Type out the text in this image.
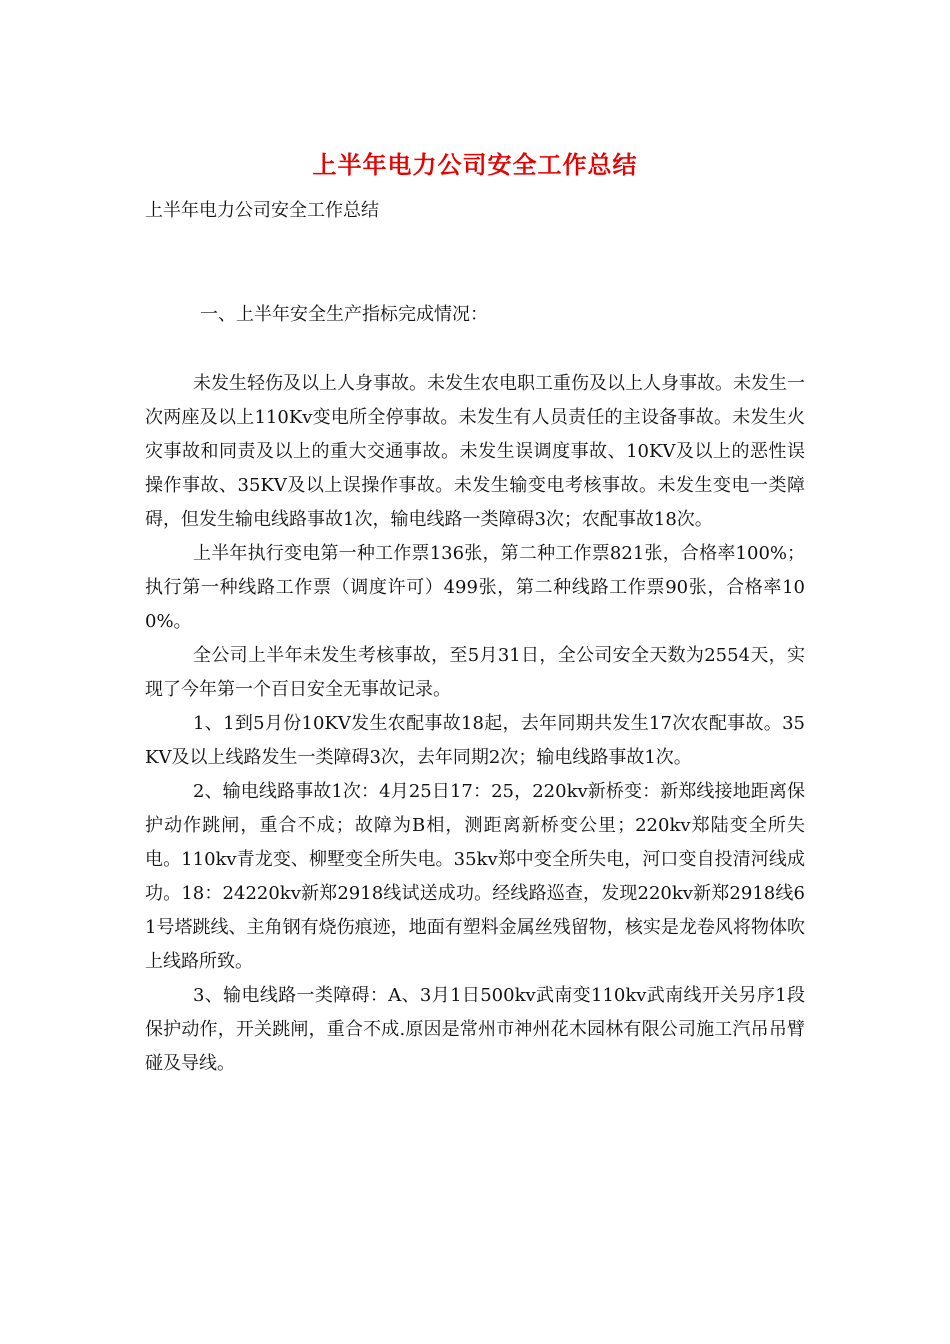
上半年电力公司安全工作总结
上半年电力公司安全工作总结
一、上半年安全生产指标完成情况：

未发生轻伤及以上人身事故。未发生农电职工重伤及以上人身事故。未发生一次两座及以上110Kv变电所全停事故。未发生有人员责任的主设备事故。未发生火灾事故和同责及以上的重大交通事故。未发生误调度事故、10KV及以上的恶性误操作事故、35KV及以上误操作事故。未发生输变电考核事故。未发生变电一类障碍，但发生输电线路事故1次，输电线路一类障碍3次；农配事故18次。

上半年执行变电第一种工作票136张，第二种工作票821张，合格率100%；执行第一种线路工作票（调度许可）499张，第二种线路工作票90张，合格率100%。

全公司上半年未发生考核事故，至5月31日，全公司安全天数为2554天，实现了今年第一个百日安全无事故记录。

1、1到5月份10KV发生农配事故18起，去年同期共发生17次农配事故。35KV及以上线路发生一类障碍3次，去年同期2次；输电线路事故1次。

2、输电线路事故1次：4月25日17：25，220kv新桥变：新郑线接地距离保护动作跳闸，重合不成；故障为B相，测距离新桥变公里；220kv郑陆变全所失电。110kv青龙变、柳墅变全所失电。35kv郑中变全所失电，河口变自投清河线成功。18：24220kv新郑2918线试送成功。经线路巡查，发现220kv新郑2918线61号塔跳线、主角钢有烧伤痕迹，地面有塑料金属丝残留物，核实是龙卷风将物体吹上线路所致。

3、输电线路一类障碍：A、3月1日500kv武南变110kv武南线开关另序1段保护动作，开关跳闸，重合不成.原因是常州市神州花木园林有限公司施工汽吊吊臂碰及导线。
